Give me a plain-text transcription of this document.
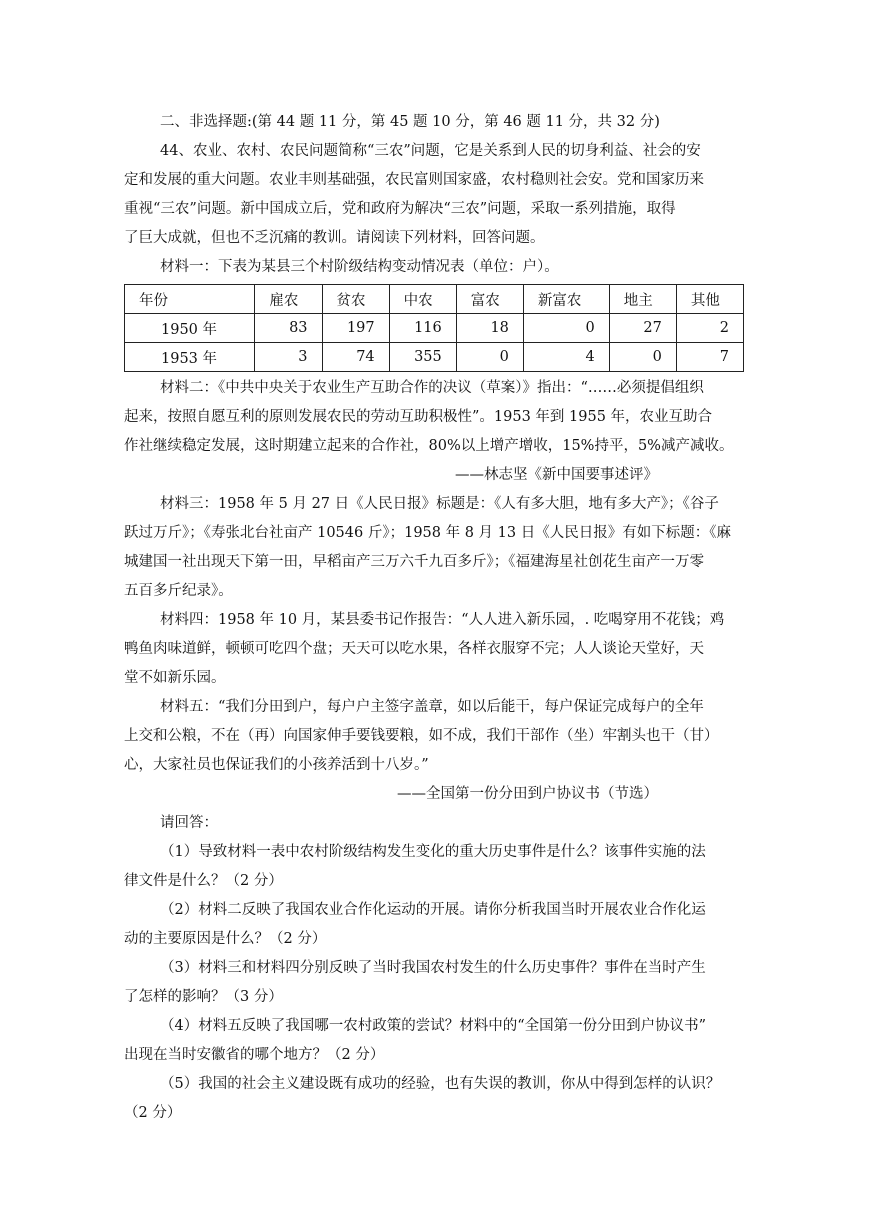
二、非选择题:(第 44 题 11 分，第 45 题 10 分，第 46 题 11 分，共 32 分)
44、农业、农村、农民问题简称“三农”问题，它是关系到人民的切身利益、社会的安
定和发展的重大问题。农业丰则基础强，农民富则国家盛，农村稳则社会安。党和国家历来
重视“三农”问题。新中国成立后，党和政府为解决“三农”问题，采取一系列措施，取得
了巨大成就，但也不乏沉痛的教训。请阅读下列材料，回答问题。
材料一：下表为某县三个村阶级结构变动情况表（单位：户）。
年份	雇农	贫农	中农	富农	新富农	地主	其他
1950 年	83	197	116	18	0	27	2
1953 年	3	74	355	0	4	0	7
材料二：《中共中央关于农业生产互助合作的决议（草案）》指出：“……必须提倡组织
起来，按照自愿互利的原则发展农民的劳动互助积极性”。1953 年到 1955 年，农业互助合
作社继续稳定发展，这时期建立起来的合作社，80%以上增产增收，15%持平，5%减产减收。
——林志坚《新中国要事述评》
材料三：1958 年 5 月 27 日《人民日报》标题是：《人有多大胆，地有多大产》；《谷子
跃过万斤》；《寿张北台社亩产 10546 斤》；1958 年 8 月 13 日《人民日报》有如下标题：《麻
城建国一社出现天下第一田，早稻亩产三万六千九百多斤》；《福建海星社创花生亩产一万零
五百多斤纪录》。
材料四：1958 年 10 月，某县委书记作报告：“人人进入新乐园，. 吃喝穿用不花钱；鸡
鸭鱼肉味道鲜，顿顿可吃四个盘；天天可以吃水果，各样衣服穿不完；人人谈论天堂好，天
堂不如新乐园。
材料五：“我们分田到户，每户户主签字盖章，如以后能干，每户保证完成每户的全年
上交和公粮，不在（再）向国家伸手要钱要粮，如不成，我们干部作（坐）牢割头也干（甘）
心，大家社员也保证我们的小孩养活到十八岁。”
——全国第一份分田到户协议书（节选）
请回答：
（1）导致材料一表中农村阶级结构发生变化的重大历史事件是什么？该事件实施的法
律文件是什么？（2 分）
（2）材料二反映了我国农业合作化运动的开展。请你分析我国当时开展农业合作化运
动的主要原因是什么？（2 分）
（3）材料三和材料四分别反映了当时我国农村发生的什么历史事件？事件在当时产生
了怎样的影响？（3 分）
（4）材料五反映了我国哪一农村政策的尝试？材料中的“全国第一份分田到户协议书”
出现在当时安徽省的哪个地方？（2 分）
（5）我国的社会主义建设既有成功的经验，也有失误的教训，你从中得到怎样的认识？
（2 分）
